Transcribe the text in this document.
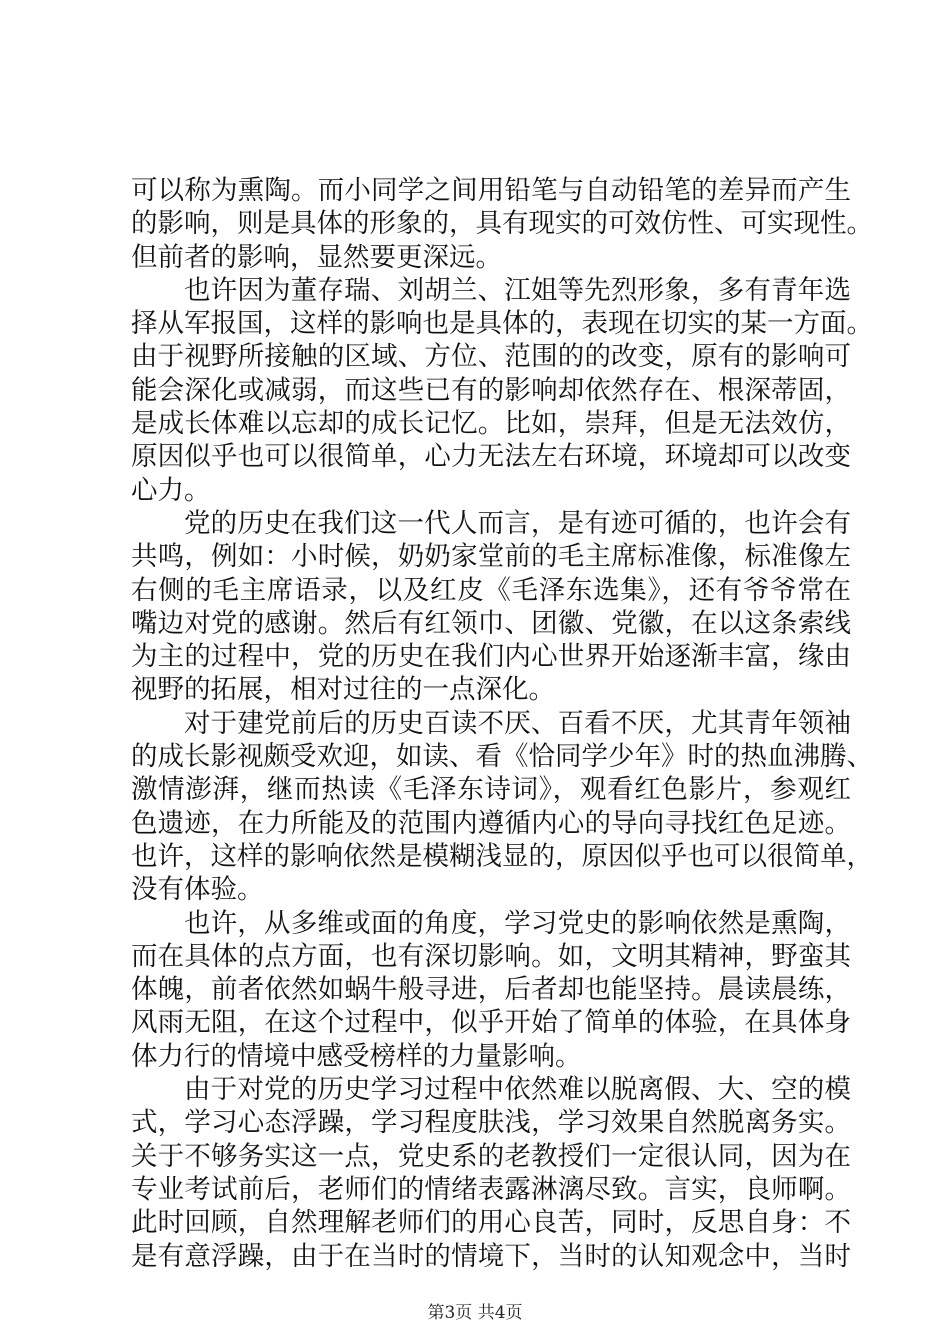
可以称为熏陶。而小同学之间用铅笔与自动铅笔的差异而产生
的影响，则是具体的形象的，具有现实的可效仿性、可实现性。
但前者的影响，显然要更深远。
也许因为董存瑞、刘胡兰、江姐等先烈形象，多有青年选
择从军报国，这样的影响也是具体的，表现在切实的某一方面。
由于视野所接触的区域、方位、范围的的改变，原有的影响可
能会深化或减弱，而这些已有的影响却依然存在、根深蒂固，
是成长体难以忘却的成长记忆。比如，崇拜，但是无法效仿，
原因似乎也可以很简单，心力无法左右环境，环境却可以改变
心力。
党的历史在我们这一代人而言，是有迹可循的，也许会有
共鸣，例如：小时候，奶奶家堂前的毛主席标准像，标准像左
右侧的毛主席语录，以及红皮《毛泽东选集》，还有爷爷常在
嘴边对党的感谢。然后有红领巾、团徽、党徽，在以这条索线
为主的过程中，党的历史在我们内心世界开始逐渐丰富，缘由
视野的拓展，相对过往的一点深化。
对于建党前后的历史百读不厌、百看不厌，尤其青年领袖
的成长影视颇受欢迎，如读、看《恰同学少年》时的热血沸腾、
激情澎湃，继而热读《毛泽东诗词》，观看红色影片，参观红
色遗迹，在力所能及的范围内遵循内心的导向寻找红色足迹。
也许，这样的影响依然是模糊浅显的，原因似乎也可以很简单，
没有体验。
也许，从多维或面的角度，学习党史的影响依然是熏陶，
而在具体的点方面，也有深切影响。如，文明其精神，野蛮其
体魄，前者依然如蜗牛般寻进，后者却也能坚持。晨读晨练，
风雨无阻，在这个过程中，似乎开始了简单的体验，在具体身
体力行的情境中感受榜样的力量影响。
由于对党的历史学习过程中依然难以脱离假、大、空的模
式，学习心态浮躁，学习程度肤浅，学习效果自然脱离务实。
关于不够务实这一点，党史系的老教授们一定很认同，因为在
专业考试前后，老师们的情绪表露淋漓尽致。言实，良师啊。
此时回顾，自然理解老师们的用心良苦，同时，反思自身：不
是有意浮躁，由于在当时的情境下，当时的认知观念中，当时
第3页 共4页
